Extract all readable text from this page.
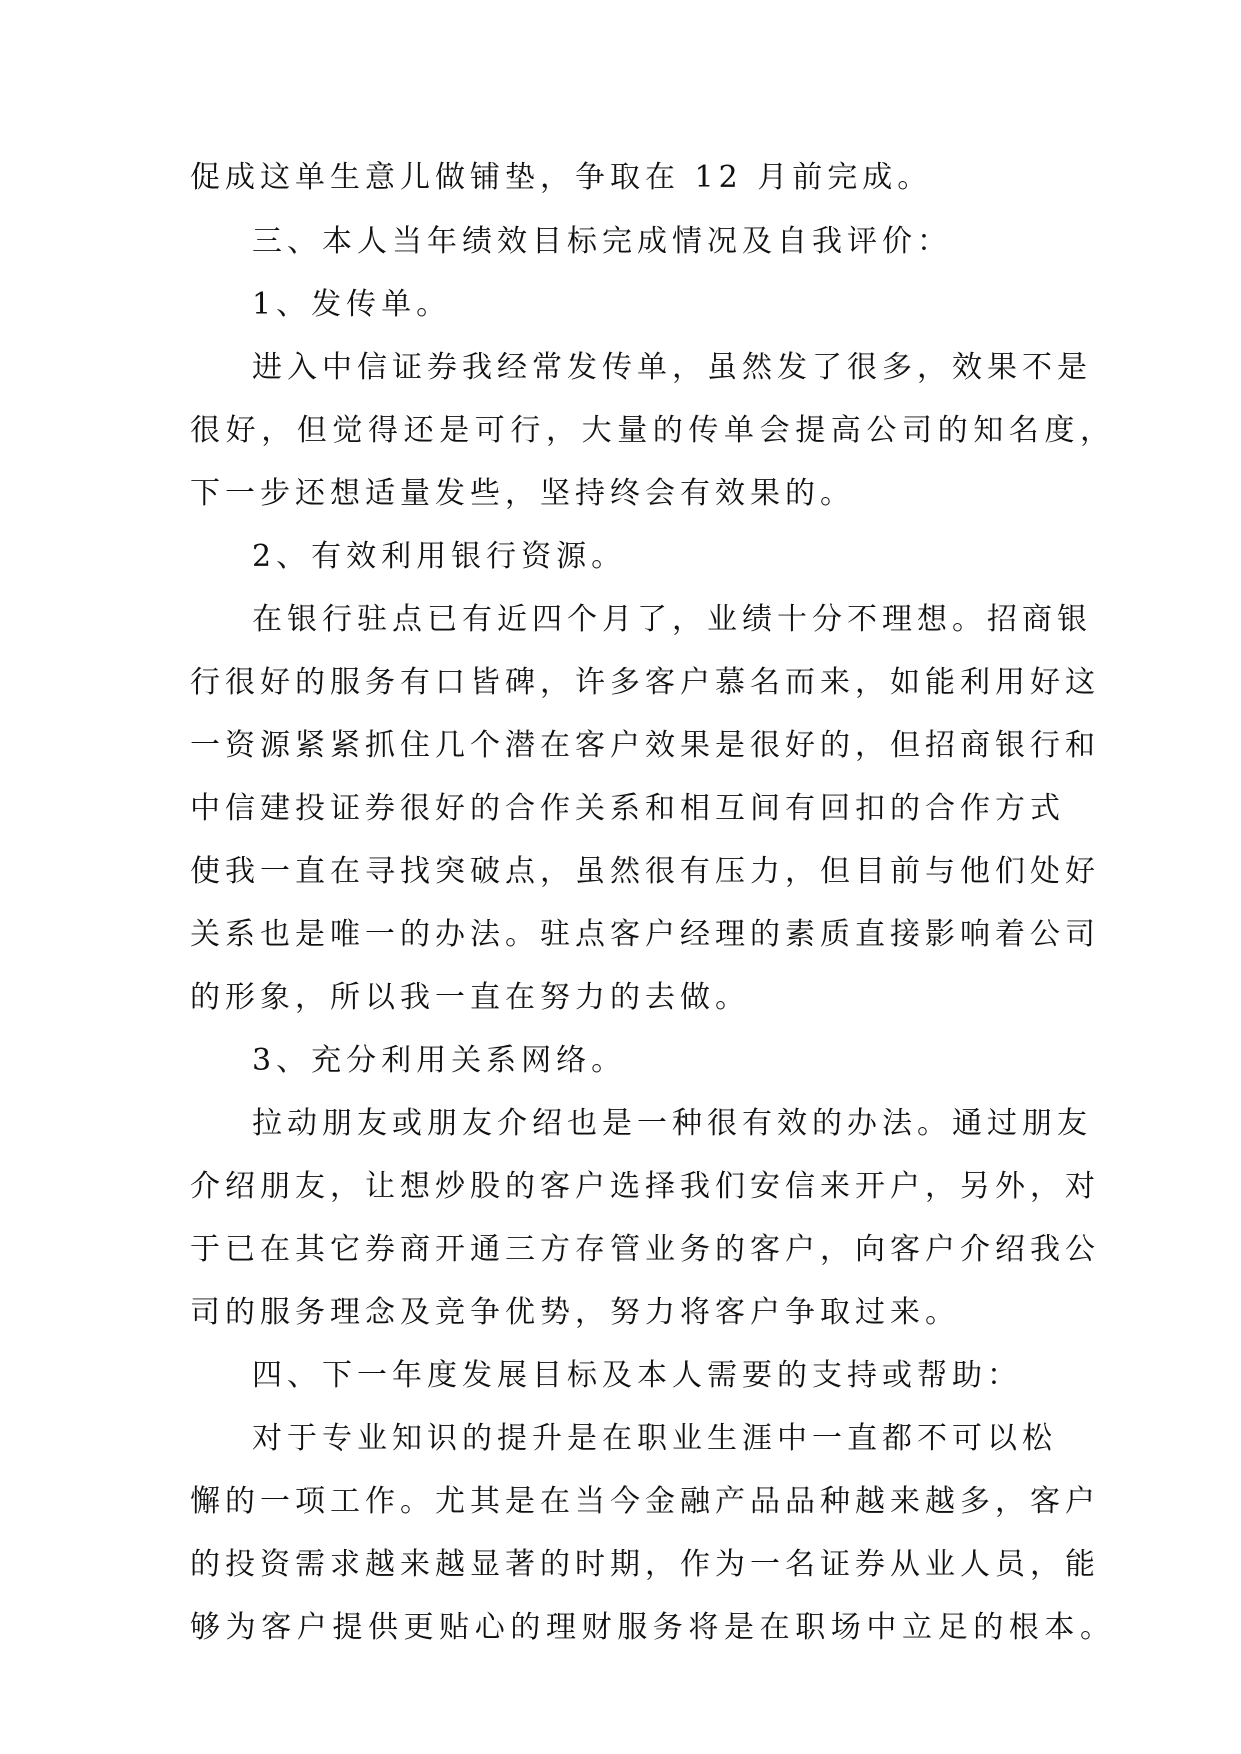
促成这单生意儿做铺垫，争取在 12 月前完成。
三、本人当年绩效目标完成情况及自我评价：
1、发传单。
进入中信证券我经常发传单，虽然发了很多，效果不是
很好，但觉得还是可行，大量的传单会提高公司的知名度，
下一步还想适量发些，坚持终会有效果的。
2、有效利用银行资源。
在银行驻点已有近四个月了，业绩十分不理想。招商银
行很好的服务有口皆碑，许多客户慕名而来，如能利用好这
一资源紧紧抓住几个潜在客户效果是很好的，但招商银行和
中信建投证券很好的合作关系和相互间有回扣的合作方式
使我一直在寻找突破点，虽然很有压力，但目前与他们处好
关系也是唯一的办法。驻点客户经理的素质直接影响着公司
的形象，所以我一直在努力的去做。
3、充分利用关系网络。
拉动朋友或朋友介绍也是一种很有效的办法。通过朋友
介绍朋友，让想炒股的客户选择我们安信来开户，另外，对
于已在其它券商开通三方存管业务的客户，向客户介绍我公
司的服务理念及竞争优势，努力将客户争取过来。
四、下一年度发展目标及本人需要的支持或帮助：
对于专业知识的提升是在职业生涯中一直都不可以松
懈的一项工作。尤其是在当今金融产品品种越来越多，客户
的投资需求越来越显著的时期，作为一名证券从业人员，能
够为客户提供更贴心的理财服务将是在职场中立足的根本。
